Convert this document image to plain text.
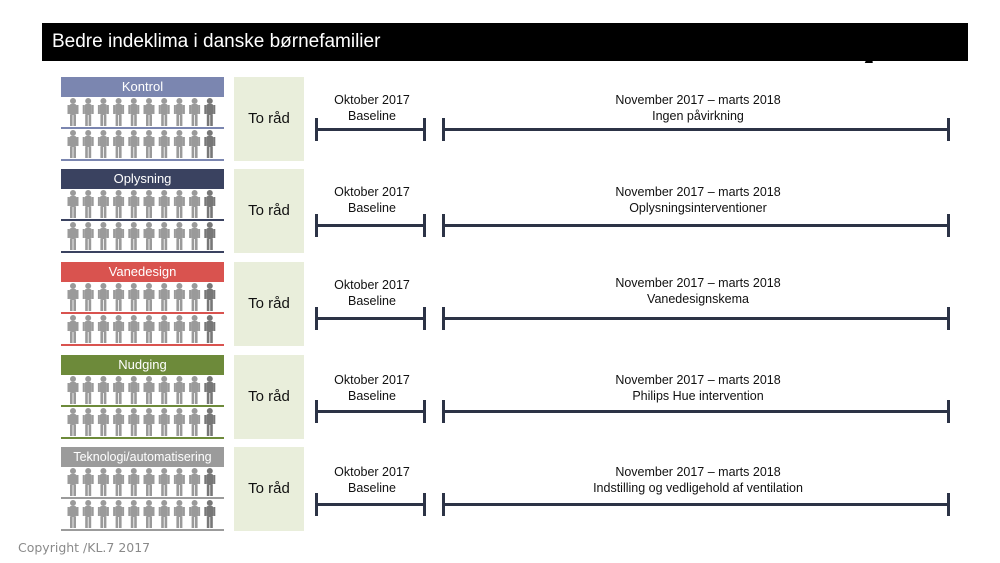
Bedre indeklima i danske børnefamilier
Kontrol
To råd
Oktober 2017
Baseline
November 2017 – marts 2018
Ingen påvirkning
Oplysning
To råd
Oktober 2017
Baseline
November 2017 – marts 2018
Oplysningsinterventioner
Vanedesign
To råd
Oktober 2017
Baseline
November 2017 – marts 2018
Vanedesignskema
Nudging
To råd
Oktober 2017
Baseline
November 2017 – marts 2018
Philips Hue intervention
Teknologi/automatisering
To råd
Oktober 2017
Baseline
November 2017 – marts 2018
Indstilling og vedligehold af ventilation
Copyright /KL.7 2017
